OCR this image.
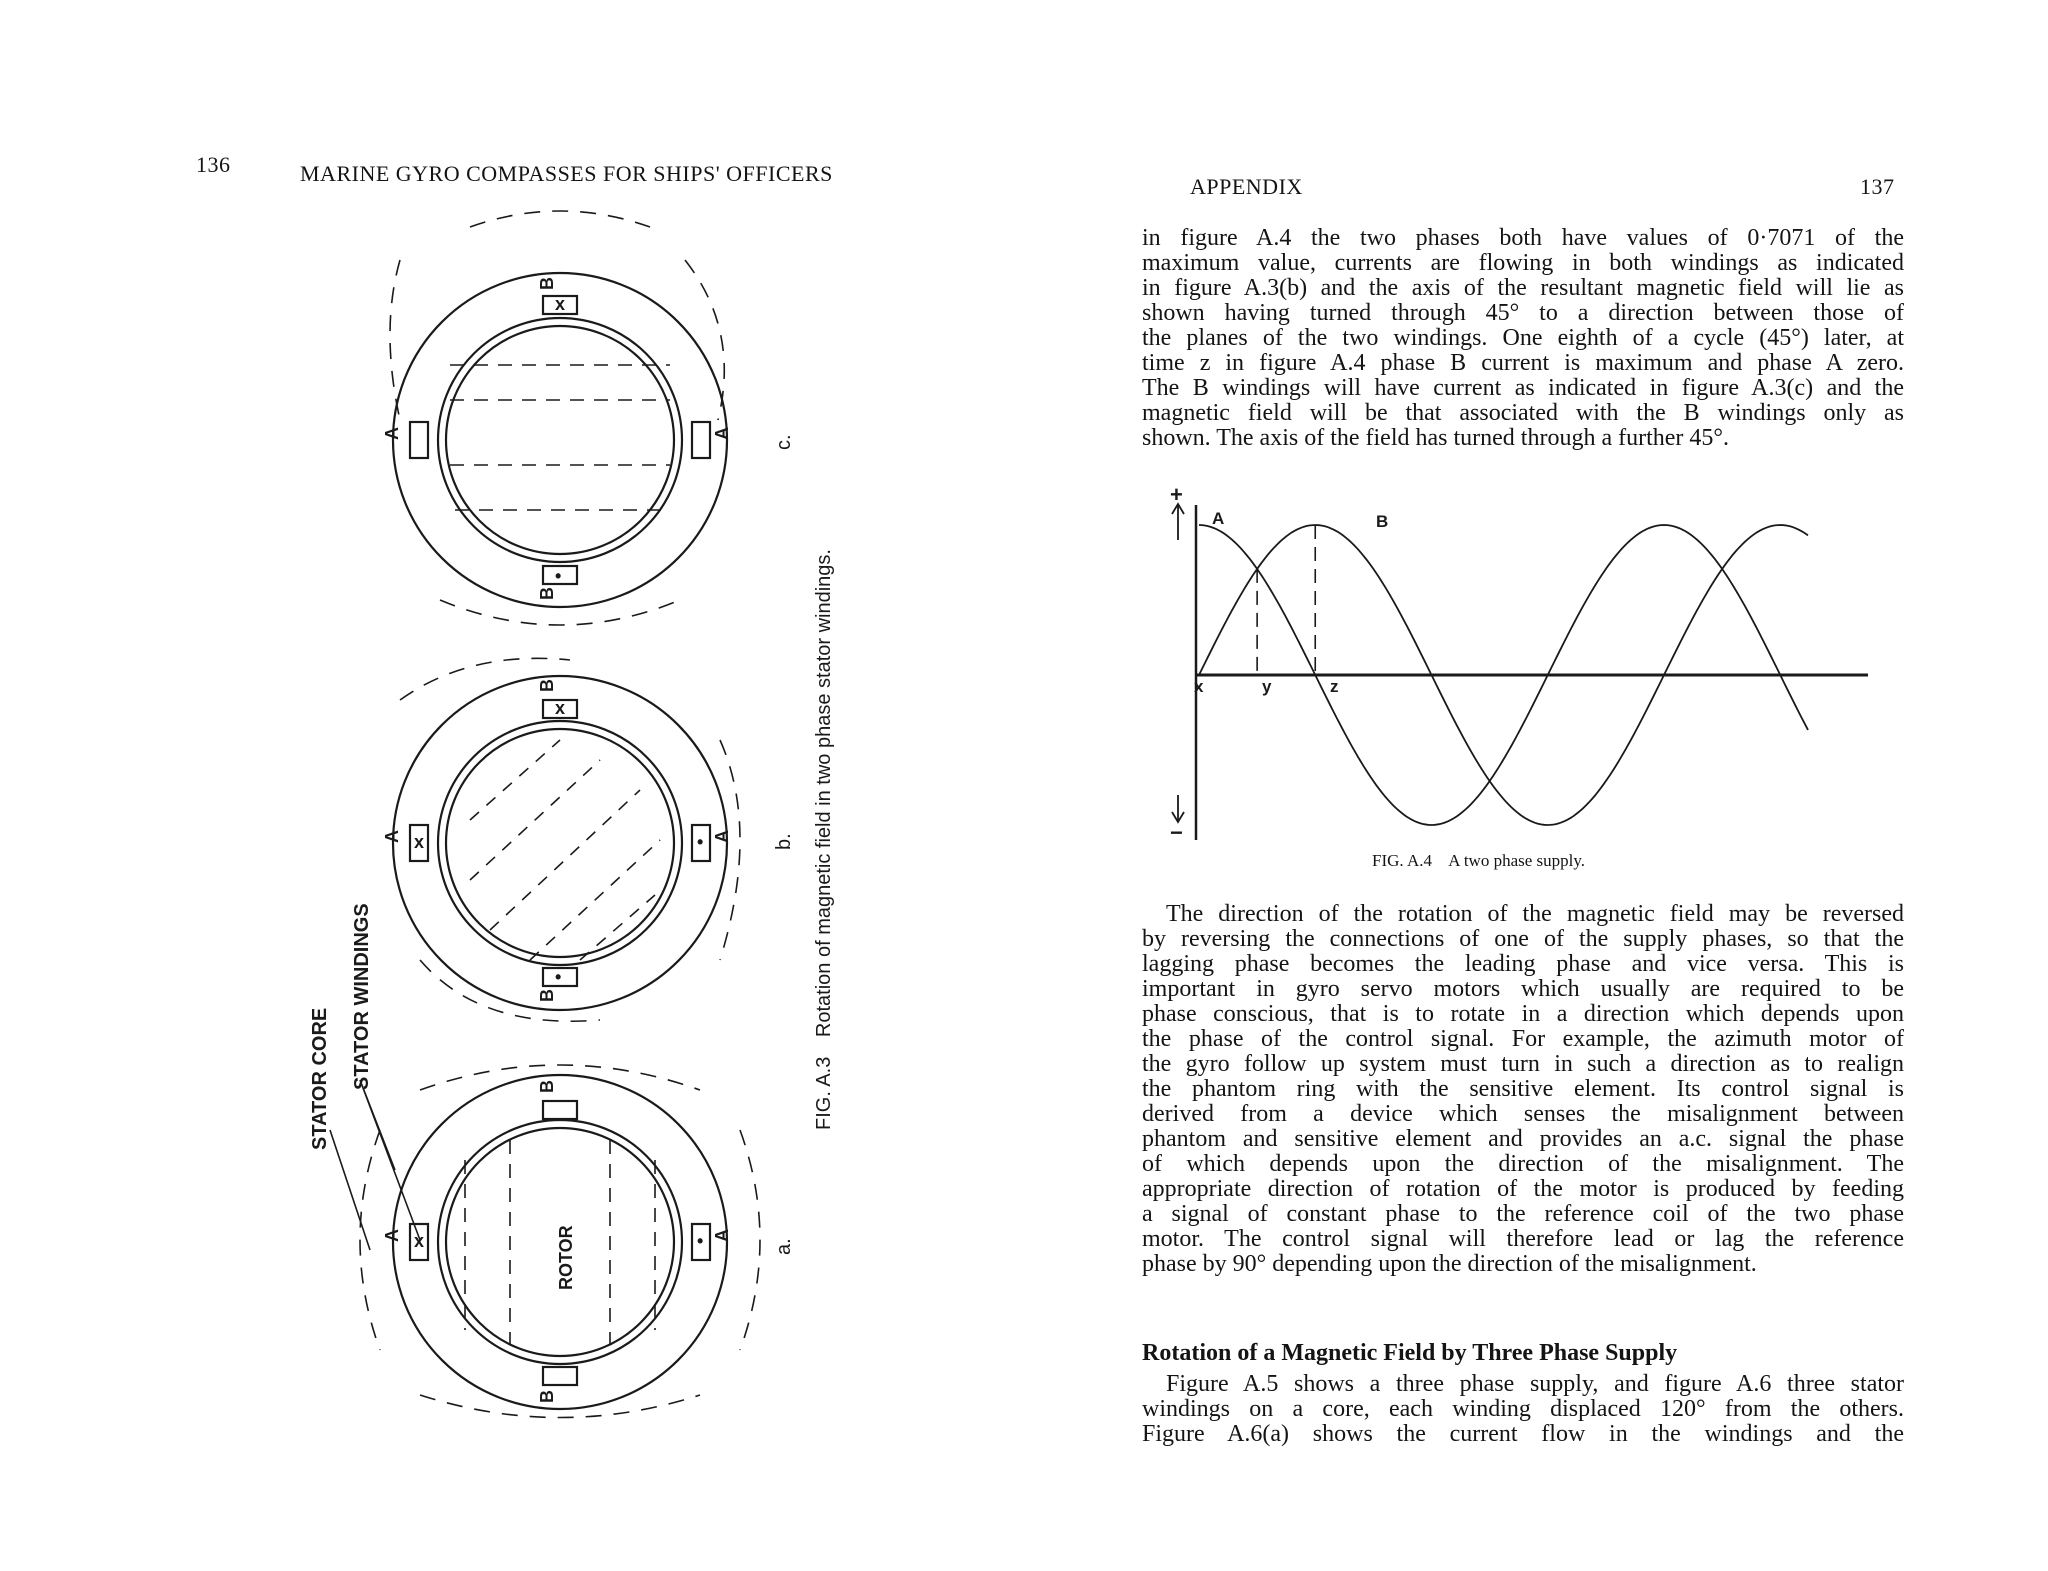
136	MARINE GYRO COMPASSES FOR SHIPS' OFFICERS
B
x
•
B
A	A
B
x
•
B
A x	• A
B
B
A x	• A
ROTOR
STATOR CORE STATOR WINDINGS
c.
b.
a.
FIG. A.3 Rotation of magnetic field in two phase stator windings.
APPENDIX	137
in figure A.4 the two phases both have values of 0·7071 of the
maximum value, currents are flowing in both windings as indicated
in figure A.3(b) and the axis of the resultant magnetic field will lie as
shown having turned through 45° to a direction between those of
the planes of the two windings. One eighth of a cycle (45°) later, at
time z in figure A.4 phase B current is maximum and phase A zero.
The B windings will have current as indicated in figure A.3(c) and the
magnetic field will be that associated with the B windings only as
shown. The axis of the field has turned through a further 45°.
+
−
A	B
x	y	z
FIG. A.4 A two phase supply.
The direction of the rotation of the magnetic field may be reversed
by reversing the connections of one of the supply phases, so that the
lagging phase becomes the leading phase and vice versa. This is
important in gyro servo motors which usually are required to be
phase conscious, that is to rotate in a direction which depends upon
the phase of the control signal. For example, the azimuth motor of
the gyro follow up system must turn in such a direction as to realign
the phantom ring with the sensitive element. Its control signal is
derived from a device which senses the misalignment between
phantom and sensitive element and provides an a.c. signal the phase
of which depends upon the direction of the misalignment. The
appropriate direction of rotation of the motor is produced by feeding
a signal of constant phase to the reference coil of the two phase
motor. The control signal will therefore lead or lag the reference
phase by 90° depending upon the direction of the misalignment.
Rotation of a Magnetic Field by Three Phase Supply
Figure A.5 shows a three phase supply, and figure A.6 three stator
windings on a core, each winding displaced 120° from the others.
Figure A.6(a) shows the current flow in the windings and the
